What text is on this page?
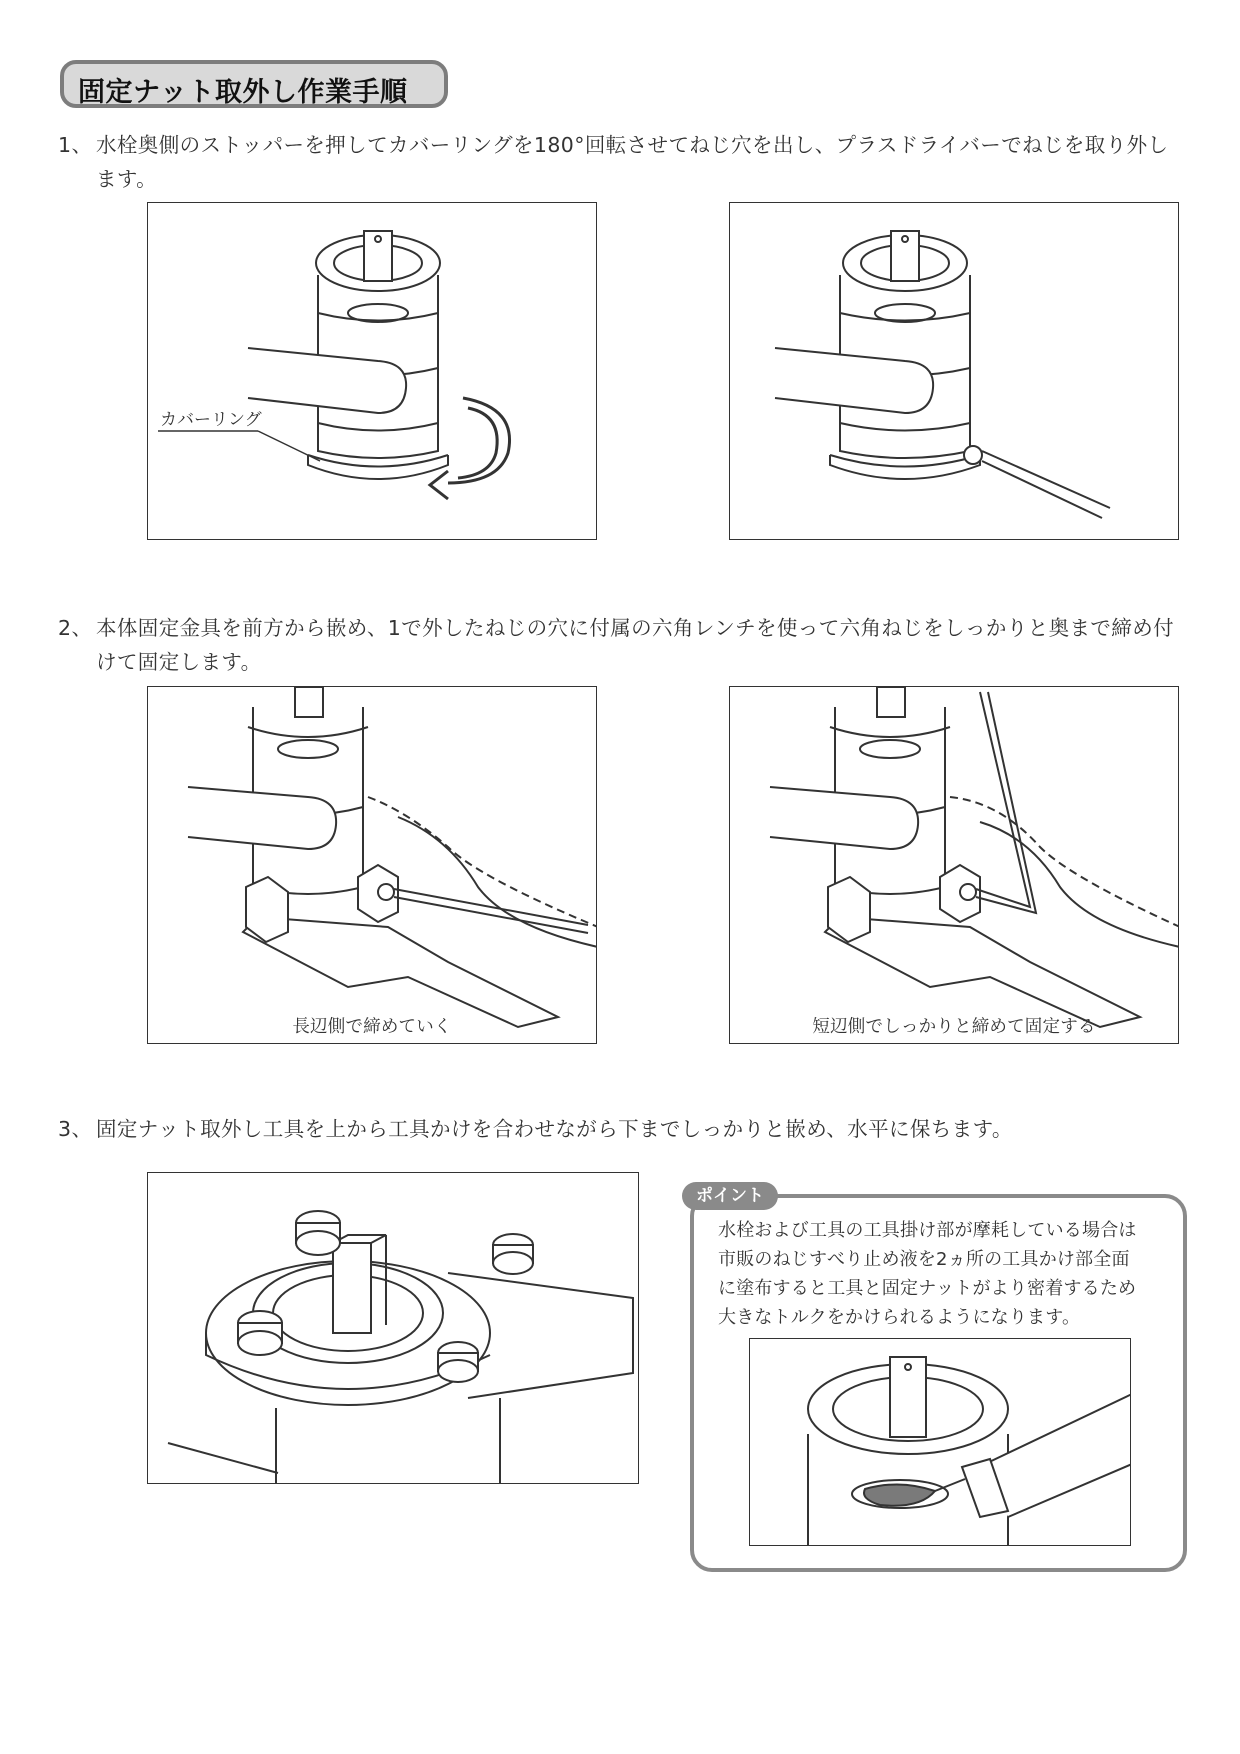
固定ナット取外し作業手順
1、 水栓奥側のストッパーを押してカバーリングを180°回転させてねじ穴を出し、プラスドライバーでねじを取り外します。
カバーリング
2、 本体固定金具を前方から嵌め、1で外したねじの穴に付属の六角レンチを使って六角ねじをしっかりと奥まで締め付けて固定します。
長辺側で締めていく	短辺側でしっかりと締めて固定する
3、 固定ナット取外し工具を上から工具かけを合わせながら下までしっかりと嵌め、水平に保ちます。
ポイント
水栓および工具の工具掛け部が摩耗している場合は
市販のねじすべり止め液を2ヵ所の工具かけ部全面
に塗布すると工具と固定ナットがより密着するため
大きなトルクをかけられるようになります。
